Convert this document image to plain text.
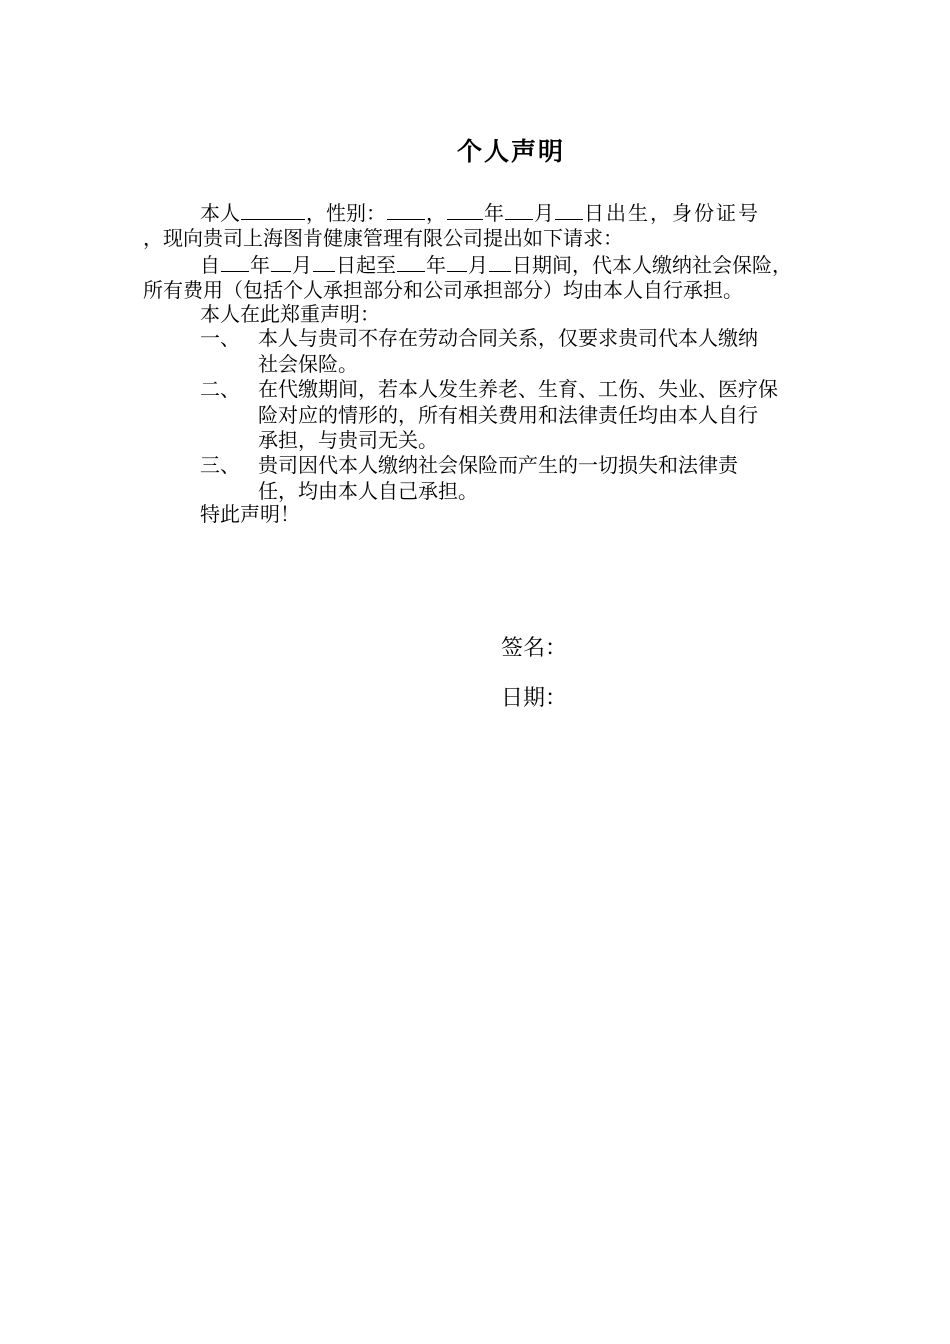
个人声明
本人	，性别： ， 年 月 日出生，身份证号
，现向贵司上海图肯健康管理有限公司提出如下请求：
自 年 月 日起至 年 月 日期间，代本人缴纳社会保险，
所有费用（包括个人承担部分和公司承担部分）均由本人自行承担。
本人在此郑重声明：
一、 本人与贵司不存在劳动合同关系，仅要求贵司代本人缴纳
社会保险。
二、 在代缴期间，若本人发生养老、生育、工伤、失业、医疗保
险对应的情形的，所有相关费用和法律责任均由本人自行
承担，与贵司无关。
三、 贵司因代本人缴纳社会保险而产生的一切损失和法律责
任，均由本人自己承担。
特此声明！
签名：
日期：
